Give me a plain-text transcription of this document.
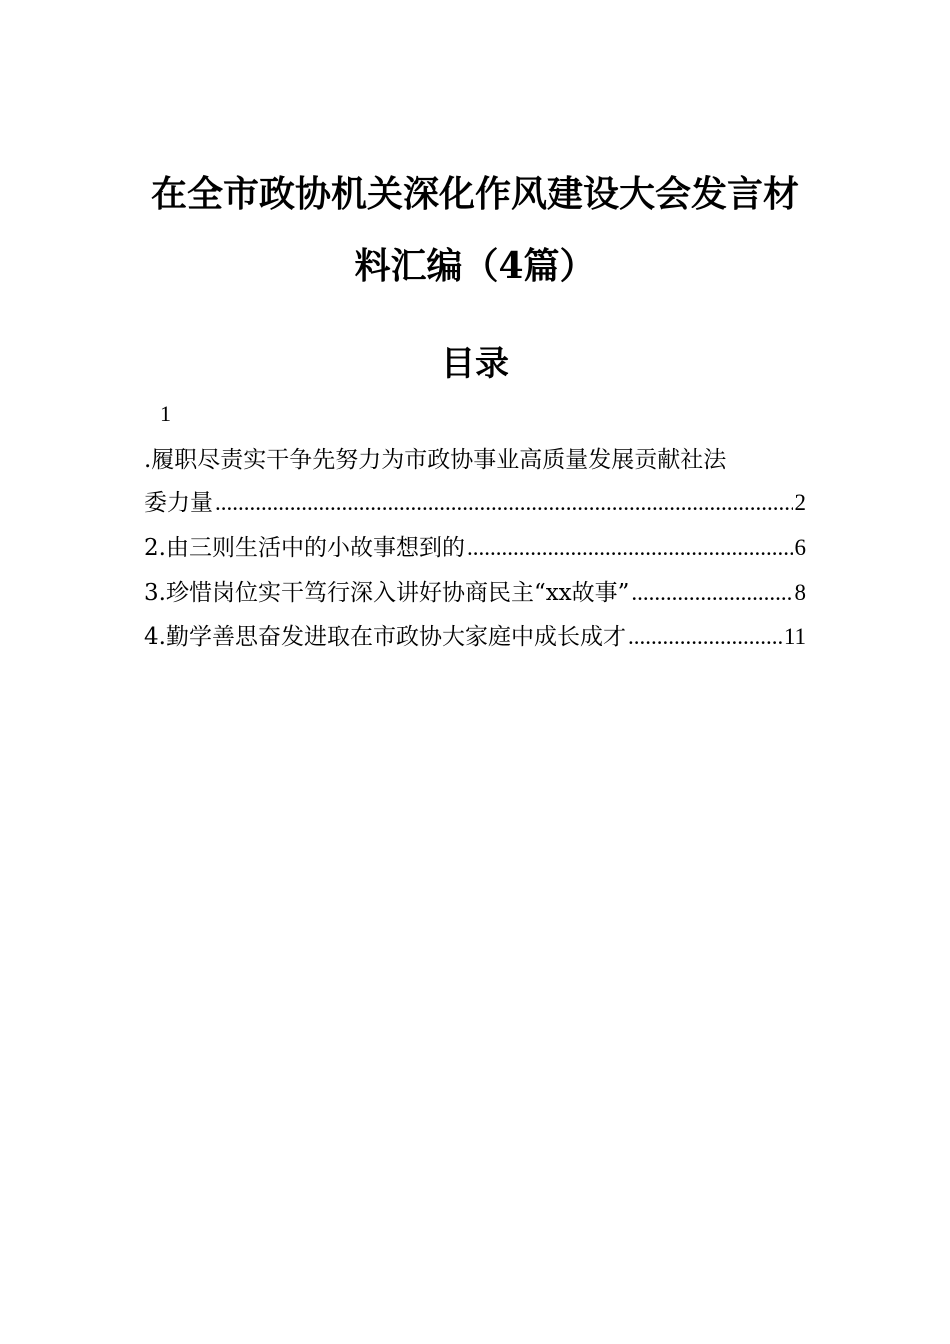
在全市政协机关深化作风建设大会发言材
料汇编（4篇）
目录
1
.履职尽责实干争先努力为市政协事业高质量发展贡献社法
委力量 .....	2
2.由三则生活中的小故事想到的 .....	6
3.珍惜岗位实干笃行深入讲好协商民主“xx故事” .....	8
4.勤学善思奋发进取在市政协大家庭中成长成才 .....	11
